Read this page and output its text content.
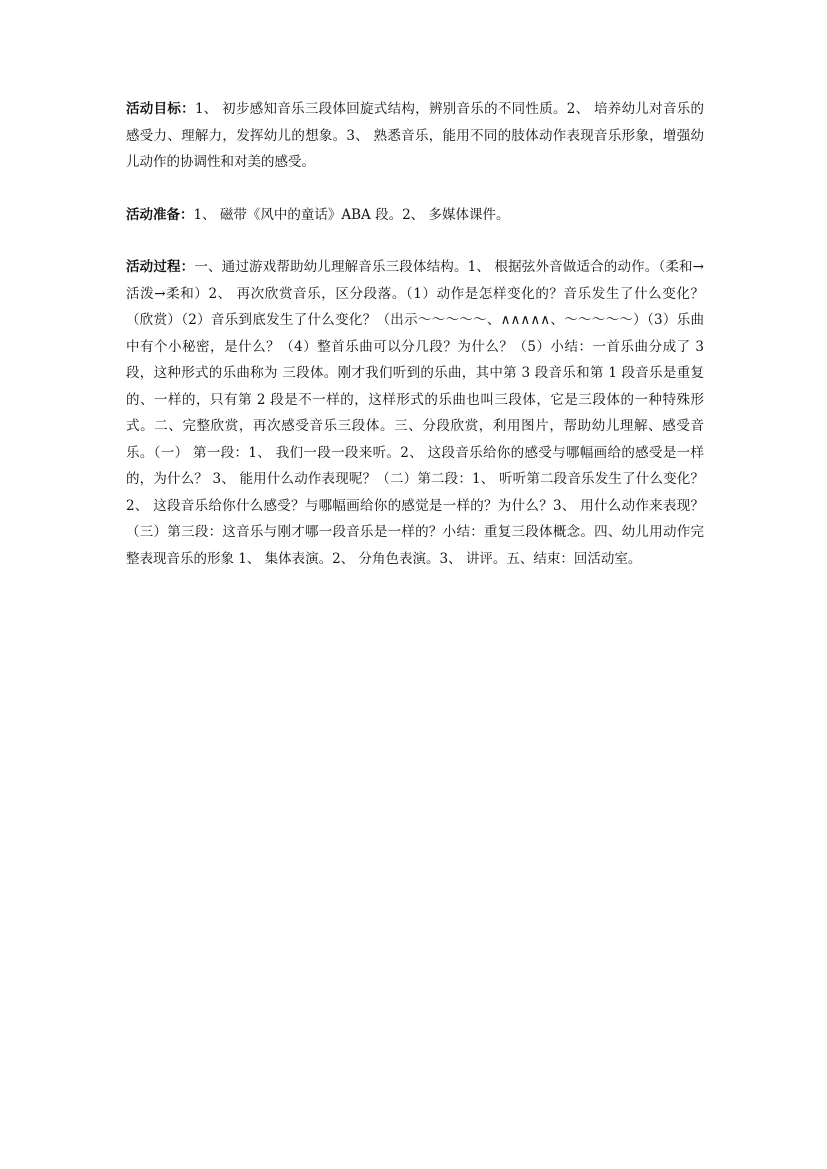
活动目标：1、 初步感知音乐三段体回旋式结构，辨别音乐的不同性质。2、 培养幼儿对音乐的感受力、理解力，发挥幼儿的想象。3、 熟悉音乐，能用不同的肢体动作表现音乐形象，增强幼儿动作的协调性和对美的感受。

活动准备：1、 磁带《风中的童话》ABA 段。2、 多媒体课件。

活动过程：一、通过游戏帮助幼儿理解音乐三段体结构。1、 根据弦外音做适合的动作。（柔和→活泼→柔和）2、 再次欣赏音乐，区分段落。（1）动作是怎样变化的？音乐发生了什么变化？（欣赏）（2）音乐到底发生了什么变化？（出示～～～～～、∧∧∧∧∧、～～～～～）（3）乐曲中有个小秘密，是什么？（4）整首乐曲可以分几段？为什么？（5）小结：一首乐曲分成了 3 段，这种形式的乐曲称为 三段体。刚才我们听到的乐曲，其中第 3 段音乐和第 1 段音乐是重复的、一样的，只有第 2 段是不一样的，这样形式的乐曲也叫三段体，它是三段体的一种特殊形式。二、完整欣赏，再次感受音乐三段体。三、分段欣赏，利用图片，帮助幼儿理解、感受音乐。（一） 第一段：1、 我们一段一段来听。2、 这段音乐给你的感受与哪幅画给的感受是一样的，为什么？ 3、 能用什么动作表现呢？（二）第二段：1、 听听第二段音乐发生了什么变化？2、 这段音乐给你什么感受？与哪幅画给你的感觉是一样的？为什么？3、 用什么动作来表现？（三）第三段：这音乐与刚才哪一段音乐是一样的？小结：重复三段体概念。四、幼儿用动作完整表现音乐的形象 1、 集体表演。2、 分角色表演。3、 讲评。五、结束：回活动室。
